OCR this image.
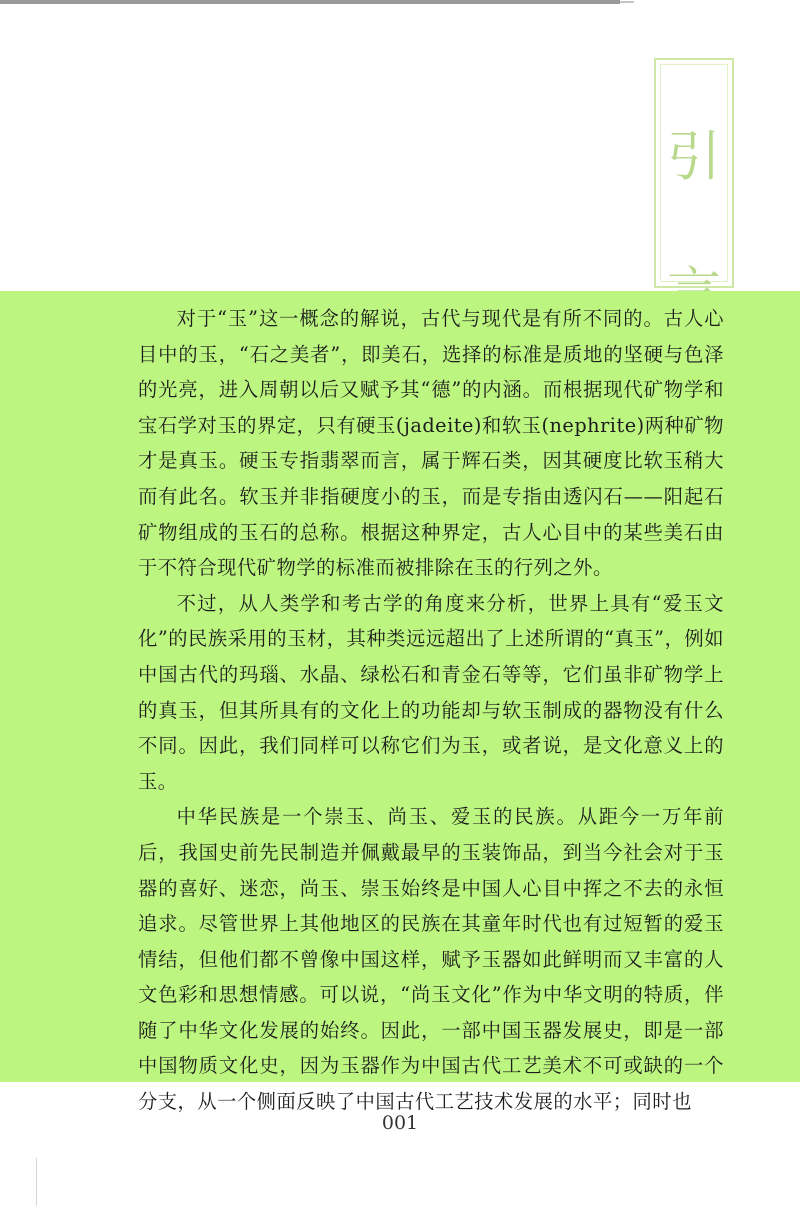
引

对于“玉”这一概念的解说，古代与现代是有所不同的。古人心目中的玉，“石之美者”，即美石，选择的标准是质地的坚硬与色泽的光亮，进入周朝以后又赋予其“德”的内涵。而根据现代矿物学和宝石学对玉的界定，只有硬玉(jadeite)和软玉(nephrite)两种矿物才是真玉。硬玉专指翡翠而言，属于辉石类，因其硬度比软玉稍大而有此名。软玉并非指硬度小的玉，而是专指由透闪石——阳起石矿物组成的玉石的总称。根据这种界定，古人心目中的某些美石由于不符合现代矿物学的标准而被排除在玉的行列之外。

不过，从人类学和考古学的角度来分析，世界上具有“爱玉文化”的民族采用的玉材，其种类远远超出了上述所谓的“真玉”，例如中国古代的玛瑙、水晶、绿松石和青金石等等，它们虽非矿物学上的真玉，但其所具有的文化上的功能却与软玉制成的器物没有什么不同。因此，我们同样可以称它们为玉，或者说，是文化意义上的玉。

中华民族是一个崇玉、尚玉、爱玉的民族。从距今一万年前后，我国史前先民制造并佩戴最早的玉装饰品，到当今社会对于玉器的喜好、迷恋，尚玉、崇玉始终是中国人心目中挥之不去的永恒追求。尽管世界上其他地区的民族在其童年时代也有过短暂的爱玉情结，但他们都不曾像中国这样，赋予玉器如此鲜明而又丰富的人文色彩和思想情感。可以说，“尚玉文化”作为中华文明的特质，伴随了中华文化发展的始终。因此，一部中国玉器发展史，即是一部中国物质文化史，因为玉器作为中国古代工艺美术不可或缺的一个分支，从一个侧面反映了中国古代工艺技术发展的水平；同时也

001
